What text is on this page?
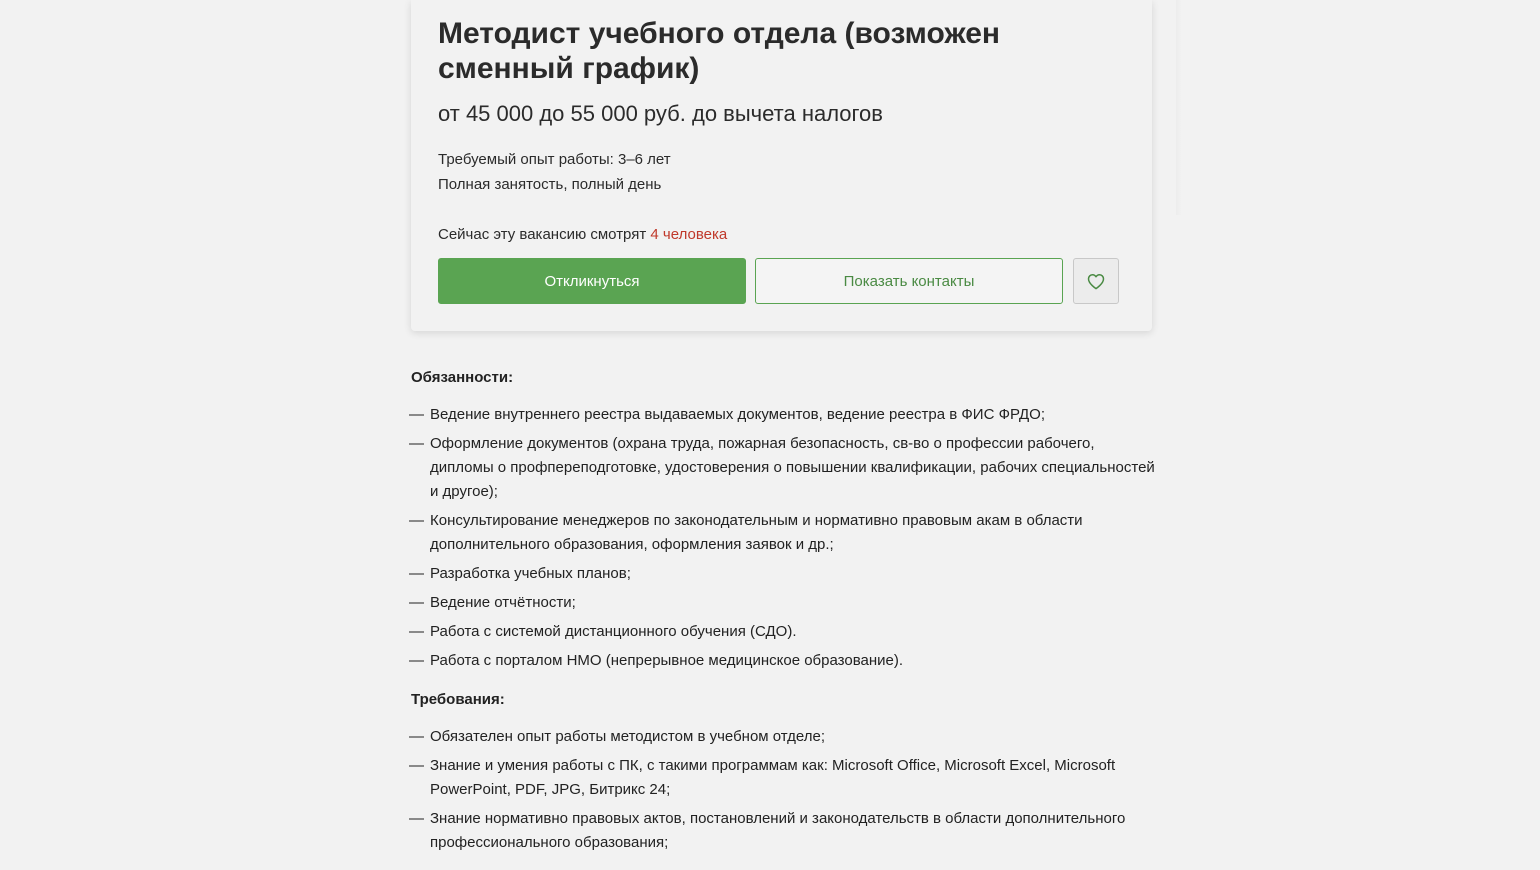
Методист учебного отдела (возможен сменный график)

от 45 000 до 55 000 руб. до вычета налогов

Требуемый опыт работы: 3–6 лет
Полная занятость, полный день
Сейчас эту вакансию смотрят 4 человека
Откликнуться	Показать контакты
Обязанности:
— Ведение внутреннего реестра выдаваемых документов, ведение реестра в ФИС ФРДО;
— Оформление документов (охрана труда, пожарная безопасность, св-во о профессии рабочего, дипломы о профпереподготовке, удостоверения о повышении квалификации, рабочих специальностей и другое);
— Консультирование менеджеров по законодательным и нормативно правовым акам в области дополнительного образования, оформления заявок и др.;
— Разработка учебных планов;
— Ведение отчётности;
— Работа с системой дистанционного обучения (СДО).
— Работа с порталом НМО (непрерывное медицинское образование).
Требования:
— Обязателен опыт работы методистом в учебном отделе;
— Знание и умения работы с ПК, с такими программам как: Microsoft Office, Microsoft Excel, Microsoft PowerPoint, PDF, JPG, Битрикс 24;
— Знание нормативно правовых актов, постановлений и законодательств в области дополнительного профессионального образования;
